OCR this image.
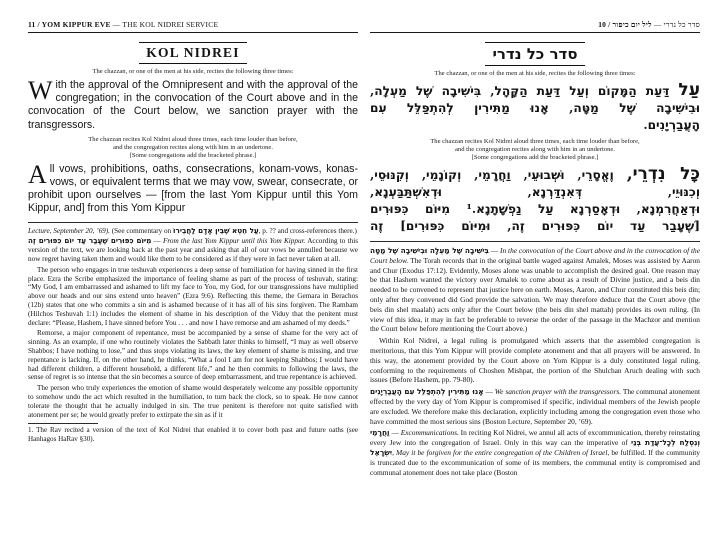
11 / YOM KIPPUR EVE — THE KOL NIDREI SERVICE
KOL NIDREI
The chazzan, or one of the men at his side, recites the following three times:
With the approval of the Omnipresent and with the approval of the congregation; in the convocation of the Court above and in the convocation of the Court below, we sanction prayer with the transgressors.
The chazzan recites Kol Nidrei aloud three times, each time louder than before,
and the congregation recites along with him in an undertone.
[Some congregations add the bracketed phrase.]
All vows, prohibitions, oaths, consecrations, konam-vows, konas-vows, or equivalent terms that we may vow, swear, consecrate, or prohibit upon ourselves — [from the last Yom Kippur until this Yom Kippur, and] from this Yom Kippur

Lecture, September 20, ’69). (See commentary on עַל חֵטְא שֶׁבֵּין אָדָם לַחֲבֵירוֹ, p. ?? and cross-references there.)

מִיּוֹם כִּפּוּרִים שֶׁעָבַר עַד יוֹם כִּפּוּרִים זֶה — From the last Yom Kippur until this Yom Kippur. According to this version of the text, we are looking back at the past year and asking that all of our vows be annulled because we now regret having taken them and would like them to be considered as if they were in fact never taken at all.

The person who engages in true teshuvah experiences a deep sense of humiliation for having sinned in the first place. Ezra the Scribe emphasized the importance of feeling shame as part of the process of teshuvah, stating: “My God, I am embarrassed and ashamed to lift my face to You, my God, for our transgressions have multiplied above our heads and our sins extend unto heaven” (Ezra 9:6). Reflecting this theme, the Gemara in Berachos (12b) states that one who commits a sin and is ashamed because of it has all of his sins forgiven. The Rambam (Hilchos Teshuvah 1:1) includes the element of shame in his description of the Viduy that the penitent must declare: “Please, Hashem, I have sinned before You . . . and now I have remorse and am ashamed of my deeds.”

Remorse, a major component of repentance, must be accompanied by a sense of shame for the very act of sinning. As an example, if one who routinely violates the Sabbath later thinks to himself, “I may as well observe Shabbos; I have nothing to lose,” and thus stops violating its laws, the key element of shame is missing, and true repentance is lacking. If, on the other hand, he thinks, “What a fool I am for not keeping Shabbos; I would have had different children, a different household, a different life,” and he then commits to following the laws, the sense of regret is so intense that the sin becomes a source of deep embarrassment, and true repentance is achieved.

The person who truly experiences the emotion of shame would desperately welcome any possible opportunity to somehow undo the act which resulted in the humiliation, to turn back the clock, so to speak. He now cannot tolerate the thought that he actually indulged in sin. The true penitent is therefore not quite satisfied with atonement per se; he would greatly prefer to extirpate the sin as if it

1. The Rav recited a version of the text of Kol Nidrei that enabled it to cover both past and future oaths (see Hanhagos HaRav §30).
10 / ליל יום כיפור — סדר כל נדרי
סדר כל נדרי
The chazzan, or one of the men at his side, recites the following three times:
עַל דַּעַת הַמָּקוֹם וְעַל דַּעַת הַקָּהָל, בִּישִׁיבָה שֶׁל מַעְלָה,
וּבִישִׁיבָה שֶׁל מַטָּה, אָנוּ מַתִּירִין לְהִתְפַּלֵּל עִם
הָעֲבַרְיָנִים.
The chazzan recites Kol Nidrei aloud three times, each time louder than before,
and the congregation recites along with him in an undertone.
[Some congregations add the bracketed phrase.]
כָּל נִדְרֵי, וֶאֱסָרֵי, וּשְׁבוּעֵי, וַחֲרָמֵי, וְקוֹנָמֵי, וְקִנּוּסֵי,
וְכִנּוּיֵי, דְּאִנְדַּרְנָא, וּדְאִשְׁתַּבַּעְנָא,
וּדְאַחֲרִמְנָא, וּדְאָסַרְנָא עַל נַפְשָׁתָנָא.¹ מִיּוֹם כִּפּוּרִים
[שֶׁעָבַר עַד יוֹם כִּפּוּרִים זֶה, וּמִיּוֹם כִּפּוּרִים] זֶה

בִּישִׁיבָה שֶׁל מַעְלָה וּבִישִׁיבָה שֶׁל מַטָּה — In the convocation of the Court above and in the convocation of the Court below. The Torah records that in the original battle waged against Amalek, Moses was assisted by Aaron and Chur (Exodus 17:12). Evidently, Moses alone was unable to accomplish the desired goal. One reason may be that Hashem wanted the victory over Amalek to come about as a result of Divine justice, and a beis din needed to be convened to represent that justice here on earth. Moses, Aaron, and Chur constituted this beis din; only after they convened did God provide the salvation. We may therefore deduce that the Court above (the beis din shel maalah) acts only after the Court below (the beis din shel mattah) provides its own ruling. (In view of this idea, it may in fact be preferable to reverse the order of the passage in the Machzor and mention the Court below before mentioning the Court above.)

Within Kol Nidrei, a legal ruling is promulgated which asserts that the assembled congregation is meritorious, that this Yom Kippur will provide complete atonement and that all prayers will be answered. In this way, the atonement provided by the Court above on Yom Kippur is a duly constituted legal ruling, conforming to the requirements of Choshen Mishpat, the portion of the Shulchan Aruch dealing with such issues (Before Hashem, pp. 79-80).

אָנוּ מַתִּירִין לְהִתְפַּלֵּל עִם הָעֲבַרְיָנִים — We sanction prayer with the transgressors. The communal atonement effected by the very day of Yom Kippur is compromised if specific, individual members of the Jewish people are excluded. We therefore make this declaration, explicitly including among the congregation even those who have committed the most serious sins (Boston Lecture, September 20, ’69).

וַחֲרָמֵי — Excommunications. In reciting Kol Nidrei, we annul all acts of excommunication, thereby reinstating every Jew into the congregation of Israel. Only in this way can the imperative of וְנִסְלַח לְכָל־עֲדַת בְּנֵי יִשְׂרָאֵל, May it be forgiven for the entire congregation of the Children of Israel, be fulfilled. If the community is truncated due to the excommunication of some of its members, the communal entity is compromised and communal atonement does not take place (Boston
